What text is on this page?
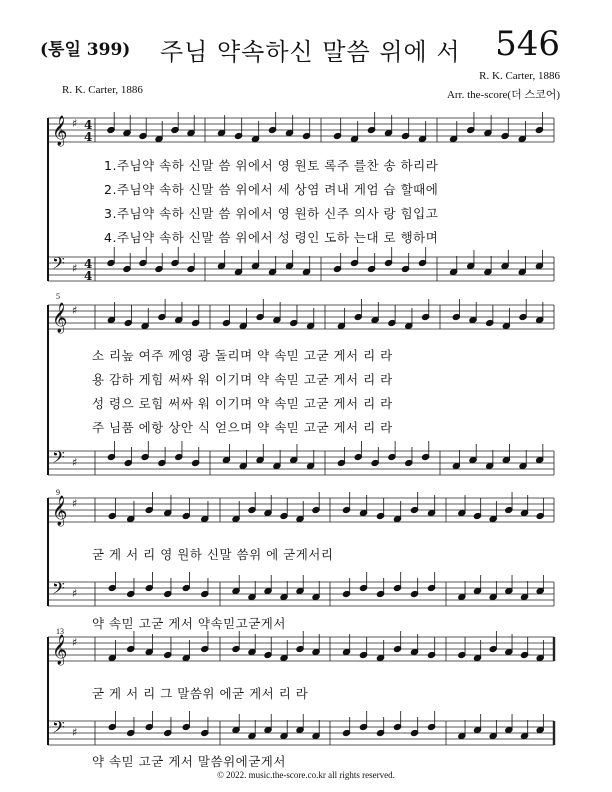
(통일 399) 주님 약속하신 말씀 위에 서 546
R. K. Carter, 1886
R. K. Carter, 1886
Arr. the-score(더 스코어)
𝄞
𝄢
♯
♯
4
4
4
4
𝄞
𝄢
♯
♯
𝄞
𝄢
♯
♯
𝄞
𝄢
♯
♯
1.주님약 속하 신말 씀 위에서 영 원토 록주 를찬 송 하리라
2.주님약 속하 신말 씀 위에서 세 상염 려내 게엄 습 할때에
3.주님약 속하 신말 씀 위에서 영 원하 신주 의사 랑 힘입고
4.주님약 속하 신말 씀 위에서 성 령인 도하 는대 로 행하며
소 리높 여주 께영 광 돌리며 약 속믿 고굳 게서 리 라
용 감하 게힘 써싸 워 이기며 약 속믿 고굳 게서 리 라
성 령으 로힘 써싸 워 이기며 약 속믿 고굳 게서 리 라
주 님품 에항 상안 식 얻으며 약 속믿 고굳 게서 리 라
굳 게 서 리 영 원하 신말 씀위 에 굳게서리
약 속믿 고굳 게서 약속믿고굳게서
굳 게 서 리 그 말씀위 에굳 게서 리 라
약 속믿 고굳 게서 말씀위에굳게서
5
9
13
© 2022. music.the-score.co.kr all rights reserved.
